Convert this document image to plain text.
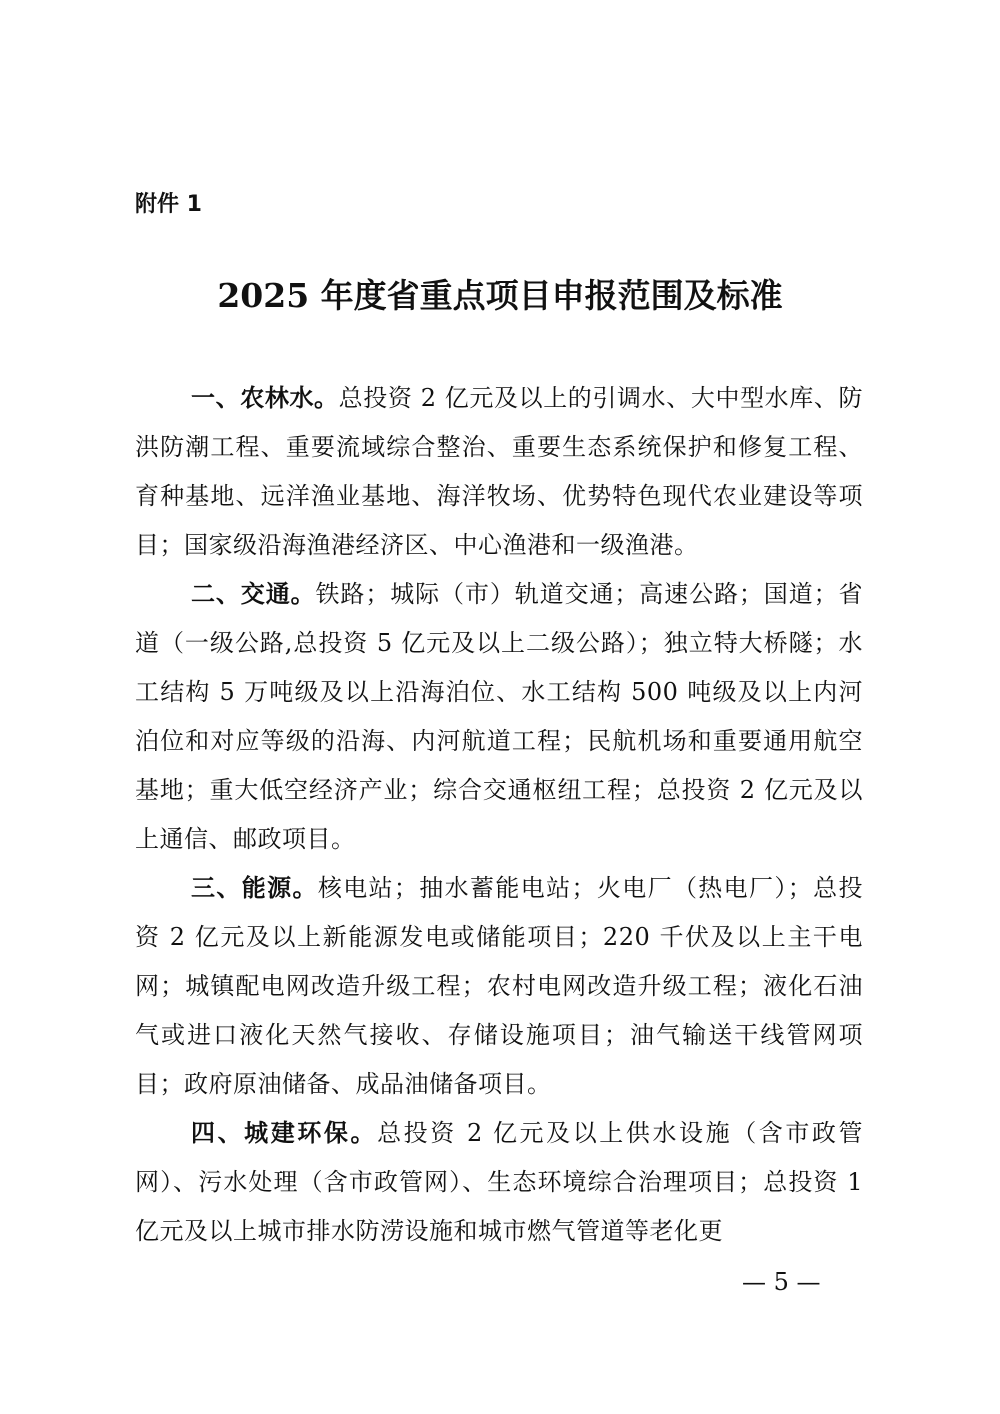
附件 1
2025 年度省重点项目申报范围及标准

一、农林水。总投资 2 亿元及以上的引调水、大中型水库、防洪防潮工程、重要流域综合整治、重要生态系统保护和修复工程、育种基地、远洋渔业基地、海洋牧场、优势特色现代农业建设等项目；国家级沿海渔港经济区、中心渔港和一级渔港。

二、交通。铁路；城际（市）轨道交通；高速公路；国道；省道（一级公路,总投资 5 亿元及以上二级公路）；独立特大桥隧；水工结构 5 万吨级及以上沿海泊位、水工结构 500 吨级及以上内河泊位和对应等级的沿海、内河航道工程；民航机场和重要通用航空基地；重大低空经济产业；综合交通枢纽工程；总投资 2 亿元及以上通信、邮政项目。

三、能源。核电站；抽水蓄能电站；火电厂（热电厂）；总投资 2 亿元及以上新能源发电或储能项目；220 千伏及以上主干电网；城镇配电网改造升级工程；农村电网改造升级工程；液化石油气或进口液化天然气接收、存储设施项目；油气输送干线管网项目；政府原油储备、成品油储备项目。

四、城建环保。总投资 2 亿元及以上供水设施（含市政管网）、污水处理（含市政管网）、生态环境综合治理项目；总投资 1 亿元及以上城市排水防涝设施和城市燃气管道等老化更

— 5 —
